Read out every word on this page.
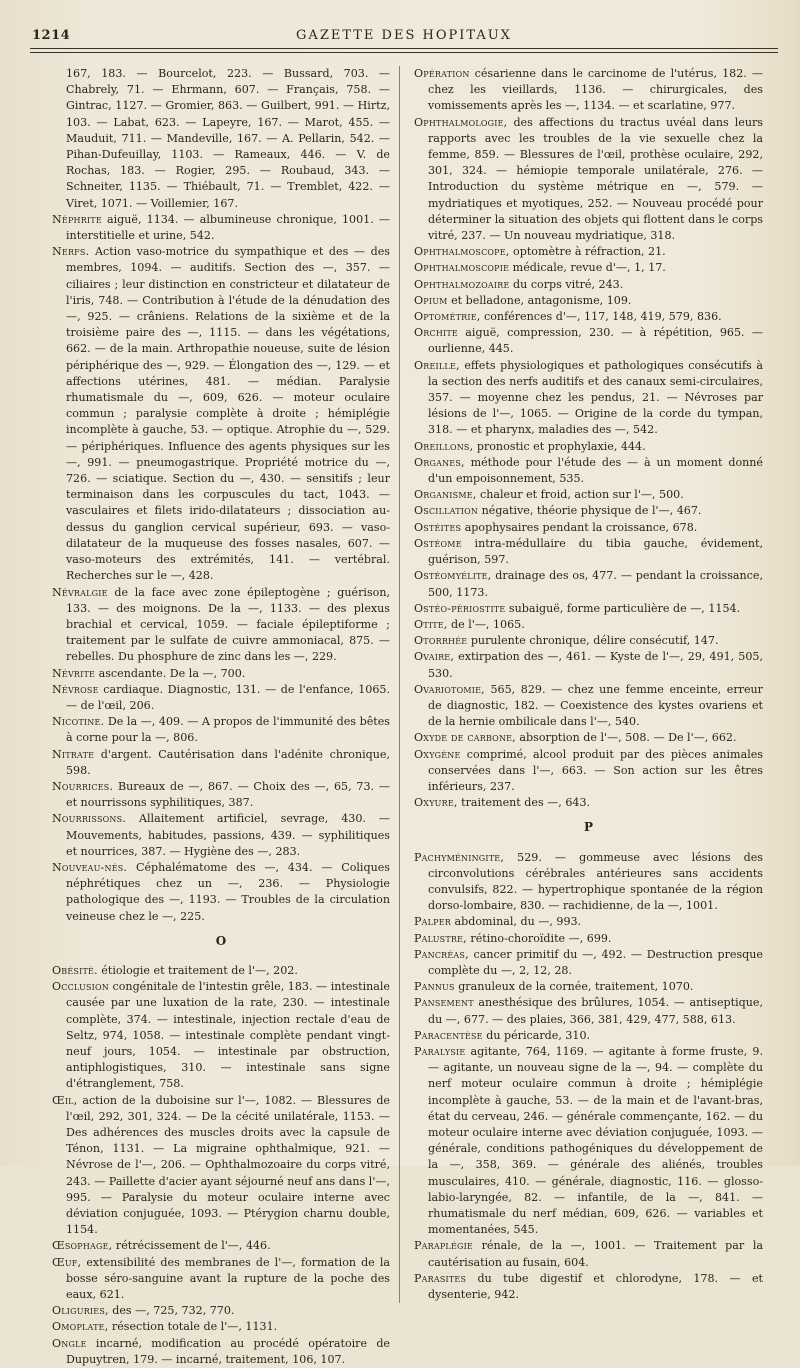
1214	GAZETTE DES HOPITAUX

167, 183. — Bourcelot, 223. — Bussard, 703. — Chabrely, 71. — Ehrmann, 607. — Français, 758. — Gintrac, 1127. — Gromier, 863. — Guilbert, 991. — Hirtz, 103. — Labat, 623. — Lapeyre, 167. — Marot, 455. — Mauduit, 711. — Mandeville, 167. — A. Pellarin, 542. — Pihan-Dufeuillay, 1103. — Rameaux, 446. — V. de Rochas, 183. — Rogier, 295. — Roubaud, 343. — Schneiter, 1135. — Thiébault, 71. — Tremblet, 422. — Viret, 1071. — Voillemier, 167.

Néphrite aiguë, 1134. — albumineuse chronique, 1001. — interstitielle et urine, 542.

Nerfs. Action vaso-motrice du sympathique et des — des membres, 1094. — auditifs. Section des —, 357. — ciliaires ; leur distinction en constricteur et dilatateur de l'iris, 748. — Contribution à l'étude de la dénudation des —, 925. — crâniens. Relations de la sixième et de la troisième paire des —, 1115. — dans les végétations, 662. — de la main. Arthropathie noueuse, suite de lésion périphérique des —, 929. — Élongation des —, 129. — et affections utérines, 481. — médian. Paralysie rhumatismale du —, 609, 626. — moteur oculaire commun ; paralysie complète à droite ; hémiplégie incomplète à gauche, 53. — optique. Atrophie du —, 529. — périphériques. Influence des agents physiques sur les —, 991. — pneumogastrique. Propriété motrice du —, 726. — sciatique. Section du —, 430. — sensitifs ; leur terminaison dans les corpuscules du tact, 1043. — vasculaires et filets irido-dilatateurs ; dissociation au-dessus du ganglion cervical supérieur, 693. — vaso-dilatateur de la muqueuse des fosses nasales, 607. — vaso-moteurs des extrémités, 141. — vertébral. Recherches sur le —, 428.

Névralgie de la face avec zone épileptogène ; guérison, 133. — des moignons. De la —, 1133. — des plexus brachial et cervical, 1059. — faciale épileptiforme ; traitement par le sulfate de cuivre ammoniacal, 875. — rebelles. Du phosphure de zinc dans les —, 229.

Névrite ascendante. De la —, 700.

Névrose cardiaque. Diagnostic, 131. — de l'enfance, 1065. — de l'œil, 206.

Nicotine. De la —, 409. — A propos de l'immunité des bêtes à corne pour la —, 806.

Nitrate d'argent. Cautérisation dans l'adénite chronique, 598.

Nourrices. Bureaux de —, 867. — Choix des —, 65, 73. — et nourrissons syphilitiques, 387.

Nourrissons. Allaitement artificiel, sevrage, 430. — Mouvements, habitudes, passions, 439. — syphilitiques et nourrices, 387. — Hygiène des —, 283.

Nouveau-nés. Céphalématome des —, 434. — Coliques néphrétiques chez un —, 236. — Physiologie pathologique des —, 1193. — Troubles de la circulation veineuse chez le —, 225.

O

Obésité. étiologie et traitement de l'—, 202.

Occlusion congénitale de l'intestin grêle, 183. — intestinale causée par une luxation de la rate, 230. — intestinale complète, 374. — intestinale, injection rectale d'eau de Seltz, 974, 1058. — intestinale complète pendant vingt-neuf jours, 1054. — intestinale par obstruction, antiphlogistiques, 310. — intestinale sans signe d'étranglement, 758.

Œil, action de la duboisine sur l'—, 1082. — Blessures de l'œil, 292, 301, 324. — De la cécité unilatérale, 1153. — Des adhérences des muscles droits avec la capsule de Ténon, 1131. — La migraine ophthalmique, 921. — Névrose de l'—, 206. — Ophthalmozoaire du corps vitré, 243. — Paillette d'acier ayant séjourné neuf ans dans l'—, 995. — Paralysie du moteur oculaire interne avec déviation conjuguée, 1093. — Ptérygion charnu double, 1154.

Œsophage, rétrécissement de l'—, 446.

Œuf, extensibilité des membranes de l'—, formation de la bosse séro-sanguine avant la rupture de la poche des eaux, 621.

Oliguries, des —, 725, 732, 770.

Omoplate, résection totale de l'—, 1131.

Ongle incarné, modification au procédé opératoire de Dupuytren, 179. — incarné, traitement, 106, 107.

Opération césarienne dans le carcinome de l'utérus, 182. — chez les vieillards, 1136. — chirurgicales, des vomissements après les —, 1134. — et scarlatine, 977.

Ophthalmologie, des affections du tractus uvéal dans leurs rapports avec les troubles de la vie sexuelle chez la femme, 859. — Blessures de l'œil, prothèse oculaire, 292, 301, 324. — hémiopie temporale unilatérale, 276. — Introduction du système métrique en —, 579. — mydriatiques et myotiques, 252. — Nouveau procédé pour déterminer la situation des objets qui flottent dans le corps vitré, 237. — Un nouveau mydriatique, 318.

Ophthalmoscope, optomètre à réfraction, 21.

Ophthalmoscopie médicale, revue d'—, 1, 17.

Ophthalmozoaire du corps vitré, 243.

Opium et belladone, antagonisme, 109.

Optométrie, conférences d'—, 117, 148, 419, 579, 836.

Orchite aiguë, compression, 230. — à répétition, 965. — ourlienne, 445.

Oreille, effets physiologiques et pathologiques consécutifs à la section des nerfs auditifs et des canaux semi-circulaires, 357. — moyenne chez les pendus, 21. — Névroses par lésions de l'—, 1065. — Origine de la corde du tympan, 318. — et pharynx, maladies des —, 542.

Oreillons, pronostic et prophylaxie, 444.

Organes, méthode pour l'étude des — à un moment donné d'un empoisonnement, 535.

Organisme, chaleur et froid, action sur l'—, 500.

Oscillation négative, théorie physique de l'—, 467.

Ostéites apophysaires pendant la croissance, 678.

Ostéome intra-médullaire du tibia gauche, évidement, guérison, 597.

Ostéomyélite, drainage des os, 477. — pendant la croissance, 500, 1173.

Ostéo-périostite subaiguë, forme particulière de —, 1154.

Otite, de l'—, 1065.

Otorrhée purulente chronique, délire consécutif, 147.

Ovaire, extirpation des —, 461. — Kyste de l'—, 29, 491, 505, 530.

Ovariotomie, 565, 829. — chez une femme enceinte, erreur de diagnostic, 182. — Coexistence des kystes ovariens et de la hernie ombilicale dans l'—, 540.

Oxyde de carbone, absorption de l'—, 508. — De l'—, 662.

Oxygène comprimé, alcool produit par des pièces animales conservées dans l'—, 663. — Son action sur les êtres inférieurs, 237.

Oxyure, traitement des —, 643.

P

Pachyméningite, 529. — gommeuse avec lésions des circonvolutions cérébrales antérieures sans accidents convulsifs, 822. — hypertrophique spontanée de la région dorso-lombaire, 830. — rachidienne, de la —, 1001.

Palper abdominal, du —, 993.

Palustre, rétino-choroïdite —, 699.

Pancréas, cancer primitif du —, 492. — Destruction presque complète du —, 2, 12, 28.

Pannus granuleux de la cornée, traitement, 1070.

Pansement anesthésique des brûlures, 1054. — antiseptique, du —, 677. — des plaies, 366, 381, 429, 477, 588, 613.

Paracentèse du péricarde, 310.

Paralysie agitante, 764, 1169. — agitante à forme fruste, 9. — agitante, un nouveau signe de la —, 94. — complète du nerf moteur oculaire commun à droite ; hémiplégie incomplète à gauche, 53. — de la main et de l'avant-bras, état du cerveau, 246. — générale commençante, 162. — du moteur oculaire interne avec déviation conjuguée, 1093. — générale, conditions pathogéniques du développement de la —, 358, 369. — générale des aliénés, troubles musculaires, 410. — générale, diagnostic, 116. — glosso-labio-laryngée, 82. — infantile, de la —, 841. — rhumatismale du nerf médian, 609, 626. — variables et momentanées, 545.

Paraplégie rénale, de la —, 1001. — Traitement par la cautérisation au fusain, 604.

Parasites du tube digestif et chlorodyne, 178. — et dysenterie, 942.
